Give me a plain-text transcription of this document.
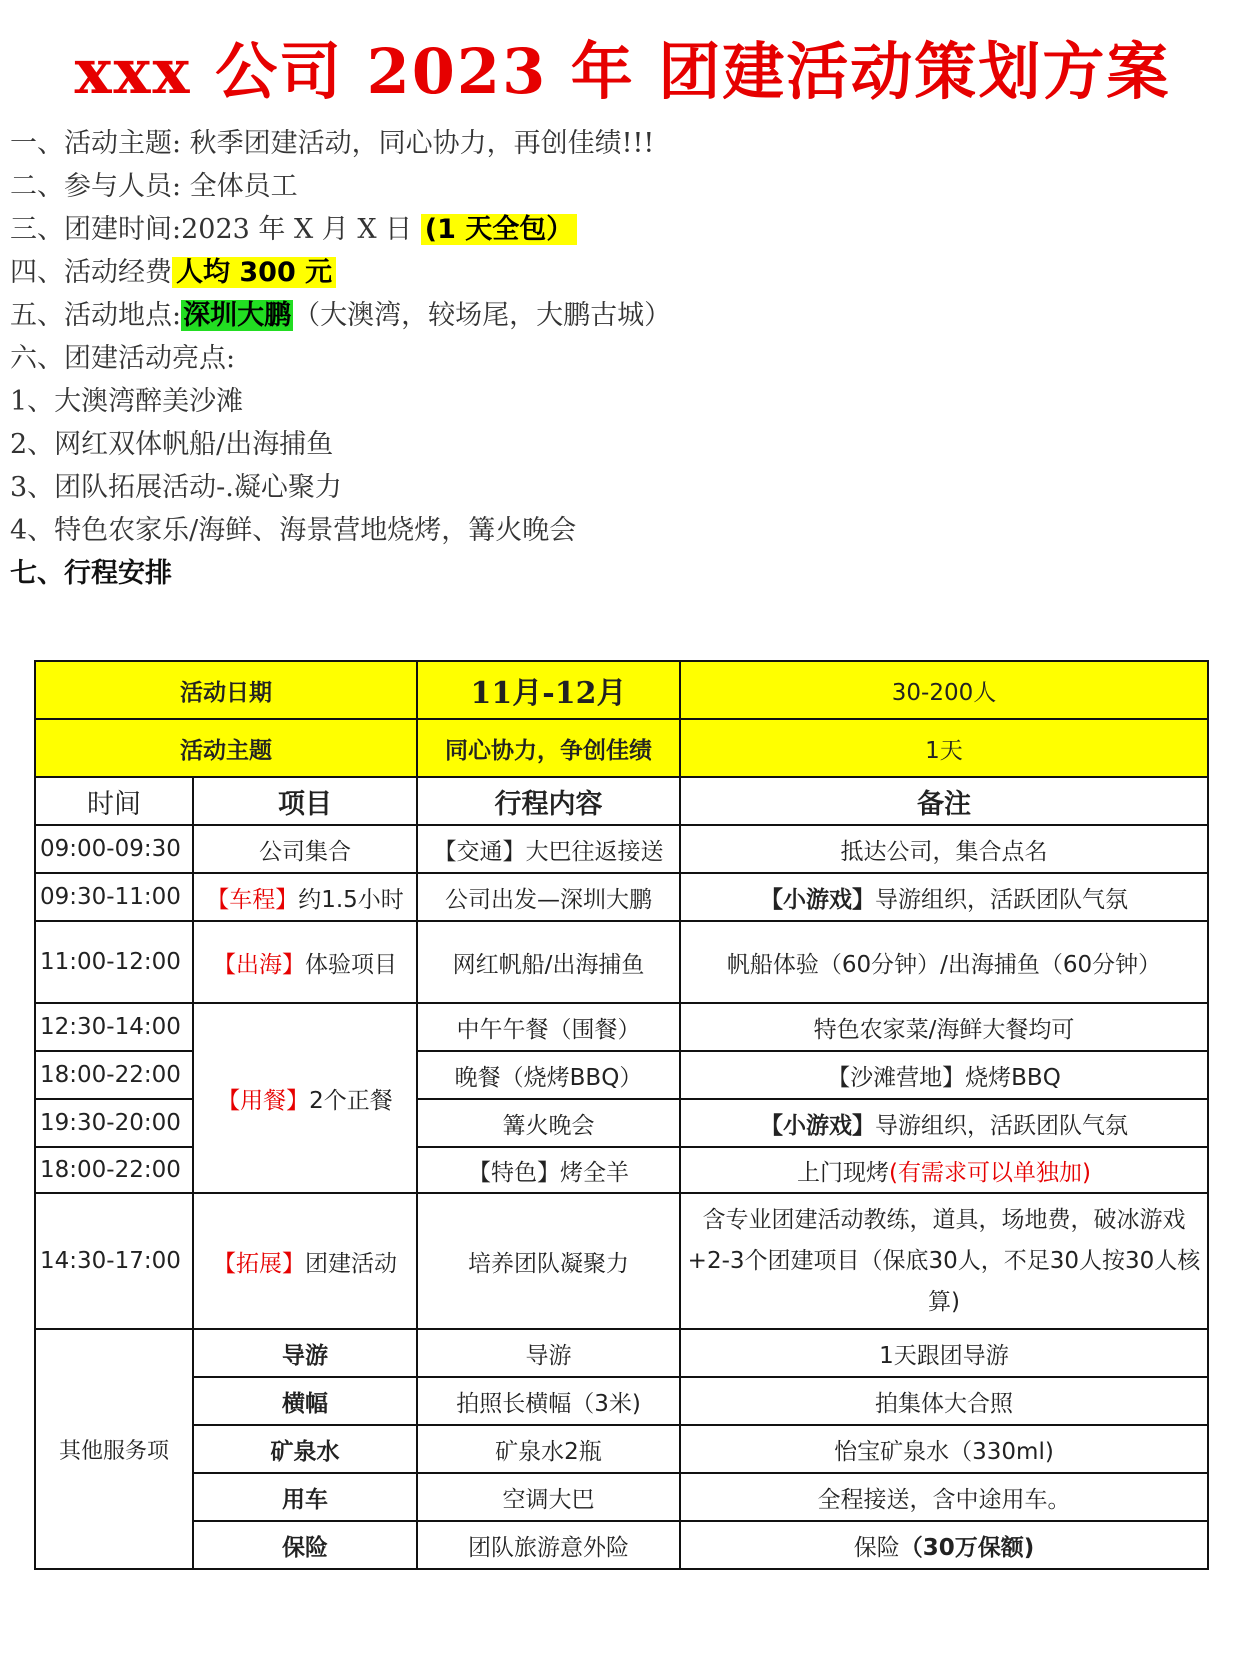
xxx 公司 2023 年 团建活动策划方案
一、活动主题: 秋季团建活动，同心协力，再创佳绩!!!
二、参与人员: 全体员工
三、团建时间:2023 年 X 月 X 日 (1 天全包）
四、活动经费 人均 300 元
五、活动地点:深圳大鹏（大澳湾，较场尾，大鹏古城）
六、团建活动亮点:
1、大澳湾醉美沙滩
2、网红双体帆船/出海捕鱼
3、团队拓展活动-.凝心聚力
4、特色农家乐/海鲜、海景营地烧烤，篝火晚会
七、行程安排
活动日期		11月-12月	30-200人
活动主题		同心协力，争创佳绩	1天
时间	项目	行程内容	备注
09:00-09:30	公司集合	【交通】大巴往返接送	抵达公司，集合点名
09:30-11:00	【车程】约1.5小时	公司出发—深圳大鹏	【小游戏】导游组织，活跃团队气氛
11:00-12:00	【出海】体验项目	网红帆船/出海捕鱼	帆船体验（60分钟）/出海捕鱼（60分钟）
12:30-14:00	【用餐】2个正餐	中午午餐（围餐）	特色农家菜/海鲜大餐均可
18:00-22:00		晚餐（烧烤BBQ）	【沙滩营地】烧烤BBQ
19:30-20:00		篝火晚会	【小游戏】导游组织，活跃团队气氛
18:00-22:00		【特色】烤全羊	上门现烤(有需求可以单独加)
14:30-17:00	【拓展】团建活动	培养团队凝聚力	含专业团建活动教练，道具，场地费，破冰游戏+2-3个团建项目（保底30人，不足30人按30人核算)
其他服务项	导游	导游	1天跟团导游
	横幅	拍照长横幅（3米)	拍集体大合照
	矿泉水	矿泉水2瓶	怡宝矿泉水（330ml)
	用车	空调大巴	全程接送，含中途用车。
	保险	团队旅游意外险	保险（30万保额)
